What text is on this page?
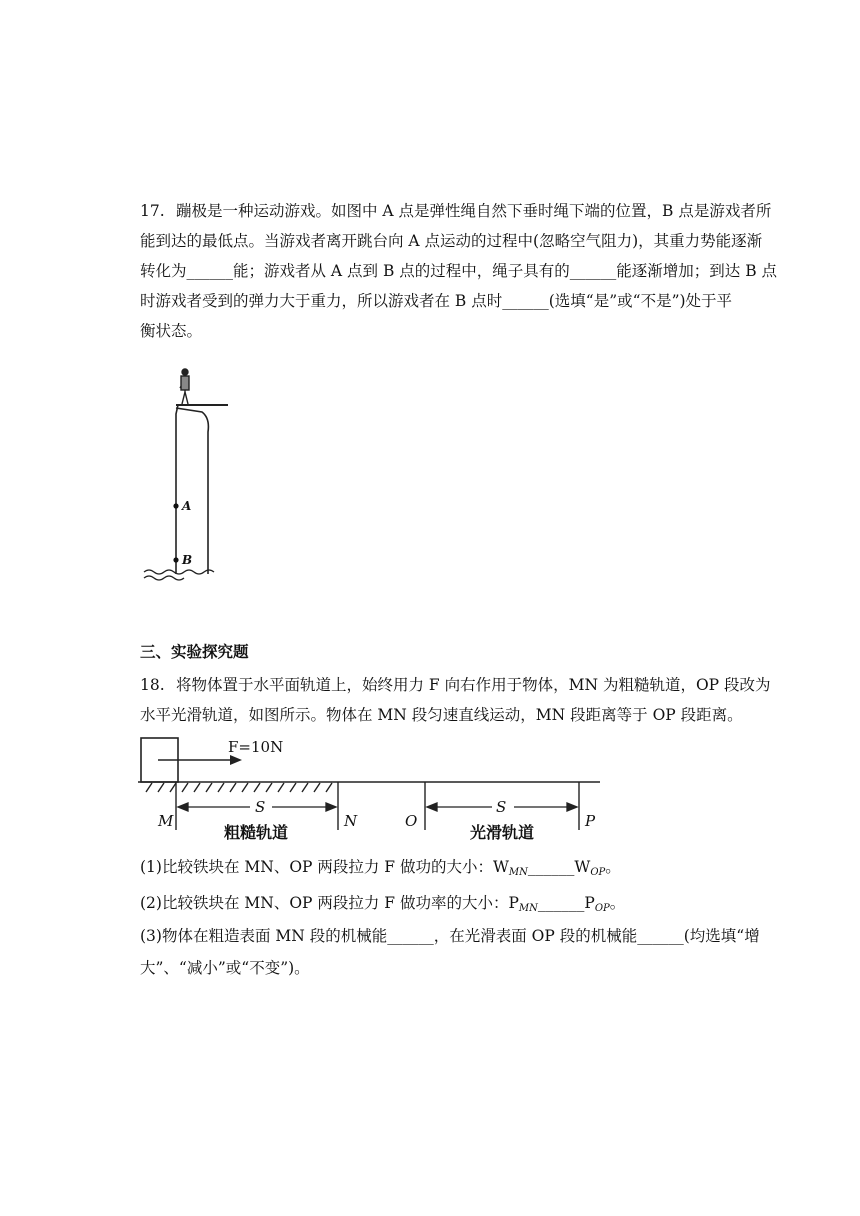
17. 蹦极是一种运动游戏。如图中 A 点是弹性绳自然下垂时绳下端的位置，B 点是游戏者所
能到达的最低点。当游戏者离开跳台向 A 点运动的过程中(忽略空气阻力)，其重力势能逐渐
转化为______能；游戏者从 A 点到 B 点的过程中，绳子具有的______能逐渐增加；到达 B 点
时游戏者受到的弹力大于重力，所以游戏者在 B 点时______(选填“是”或“不是”)处于平
衡状态。
A
B

三、实验探究题

18. 将物体置于水平面轨道上，始终用力 F 向右作用于物体，MN 为粗糙轨道，OP 段改为
水平光滑轨道，如图所示。物体在 MN 段匀速直线运动，MN 段距离等于 OP 段距离。
F=10N
S	S
M	N	O	P
粗糙轨道	光滑轨道

(1)比较铁块在 MN、OP 两段拉力 F 做功的大小：$W_{MN}\_\_\_\_\_\_W_{OP}$。

(2)比较铁块在 MN、OP 两段拉力 F 做功率的大小：$P_{MN}\_\_\_\_\_\_P_{OP}$。

(3)物体在粗造表面 MN 段的机械能______，在光滑表面 OP 段的机械能______(均选填“增

大”、“减小”或“不变”)。
